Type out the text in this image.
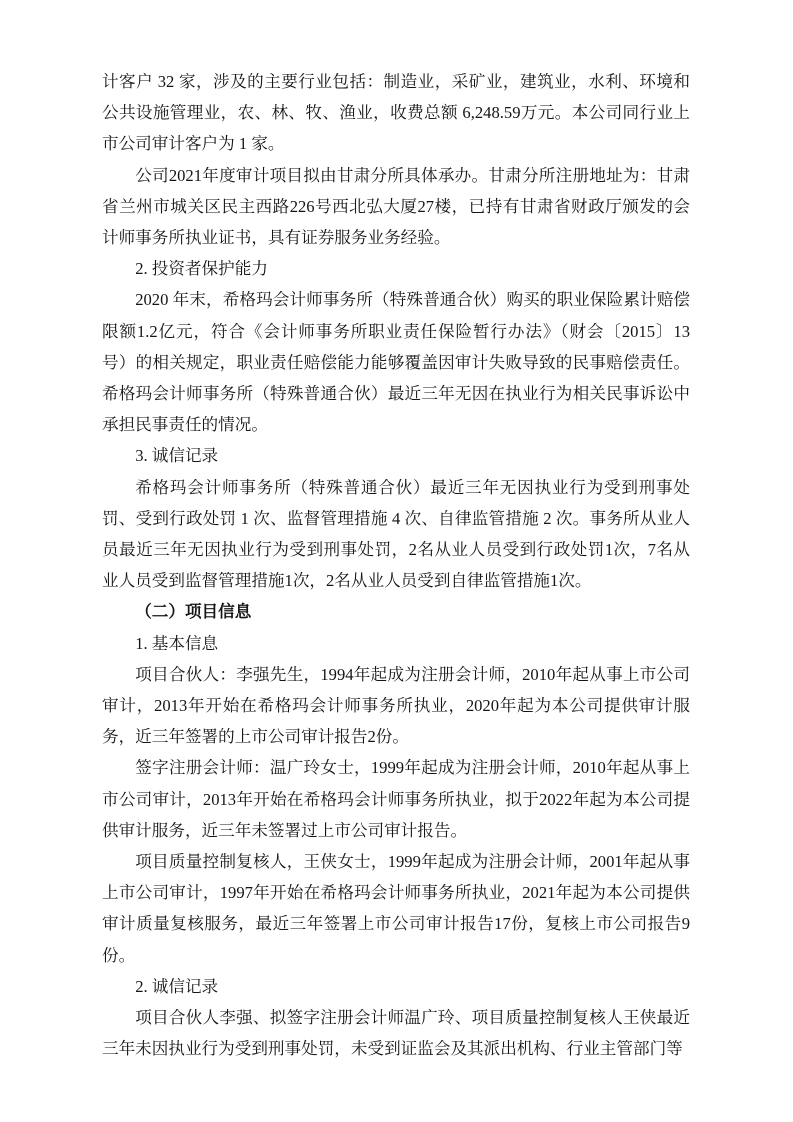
计客户 32 家，涉及的主要行业包括：制造业，采矿业，建筑业，水利、环境和公共设施管理业，农、林、牧、渔业，收费总额 6,248.59万元。本公司同行业上市公司审计客户为 1 家。

公司2021年度审计项目拟由甘肃分所具体承办。甘肃分所注册地址为：甘肃省兰州市城关区民主西路226号西北弘大厦27楼，已持有甘肃省财政厅颁发的会计师事务所执业证书，具有证券服务业务经验。

2. 投资者保护能力

2020 年末，希格玛会计师事务所（特殊普通合伙）购买的职业保险累计赔偿限额1.2亿元，符合《会计师事务所职业责任保险暂行办法》（财会〔2015〕13 号）的相关规定，职业责任赔偿能力能够覆盖因审计失败导致的民事赔偿责任。希格玛会计师事务所（特殊普通合伙）最近三年无因在执业行为相关民事诉讼中承担民事责任的情况。

3. 诚信记录

希格玛会计师事务所（特殊普通合伙）最近三年无因执业行为受到刑事处罚、受到行政处罚 1 次、监督管理措施 4 次、自律监管措施 2 次。事务所从业人员最近三年无因执业行为受到刑事处罚，2名从业人员受到行政处罚1次，7名从业人员受到监督管理措施1次，2名从业人员受到自律监管措施1次。

（二）项目信息

1. 基本信息

项目合伙人：李强先生，1994年起成为注册会计师，2010年起从事上市公司审计，2013年开始在希格玛会计师事务所执业，2020年起为本公司提供审计服务，近三年签署的上市公司审计报告2份。

签字注册会计师：温广玲女士，1999年起成为注册会计师，2010年起从事上市公司审计，2013年开始在希格玛会计师事务所执业，拟于2022年起为本公司提供审计服务，近三年未签署过上市公司审计报告。

项目质量控制复核人，王侠女士，1999年起成为注册会计师，2001年起从事上市公司审计，1997年开始在希格玛会计师事务所执业，2021年起为本公司提供审计质量复核服务，最近三年签署上市公司审计报告17份，复核上市公司报告9份。

2. 诚信记录

项目合伙人李强、拟签字注册会计师温广玲、项目质量控制复核人王侠最近三年未因执业行为受到刑事处罚，未受到证监会及其派出机构、行业主管部门等
